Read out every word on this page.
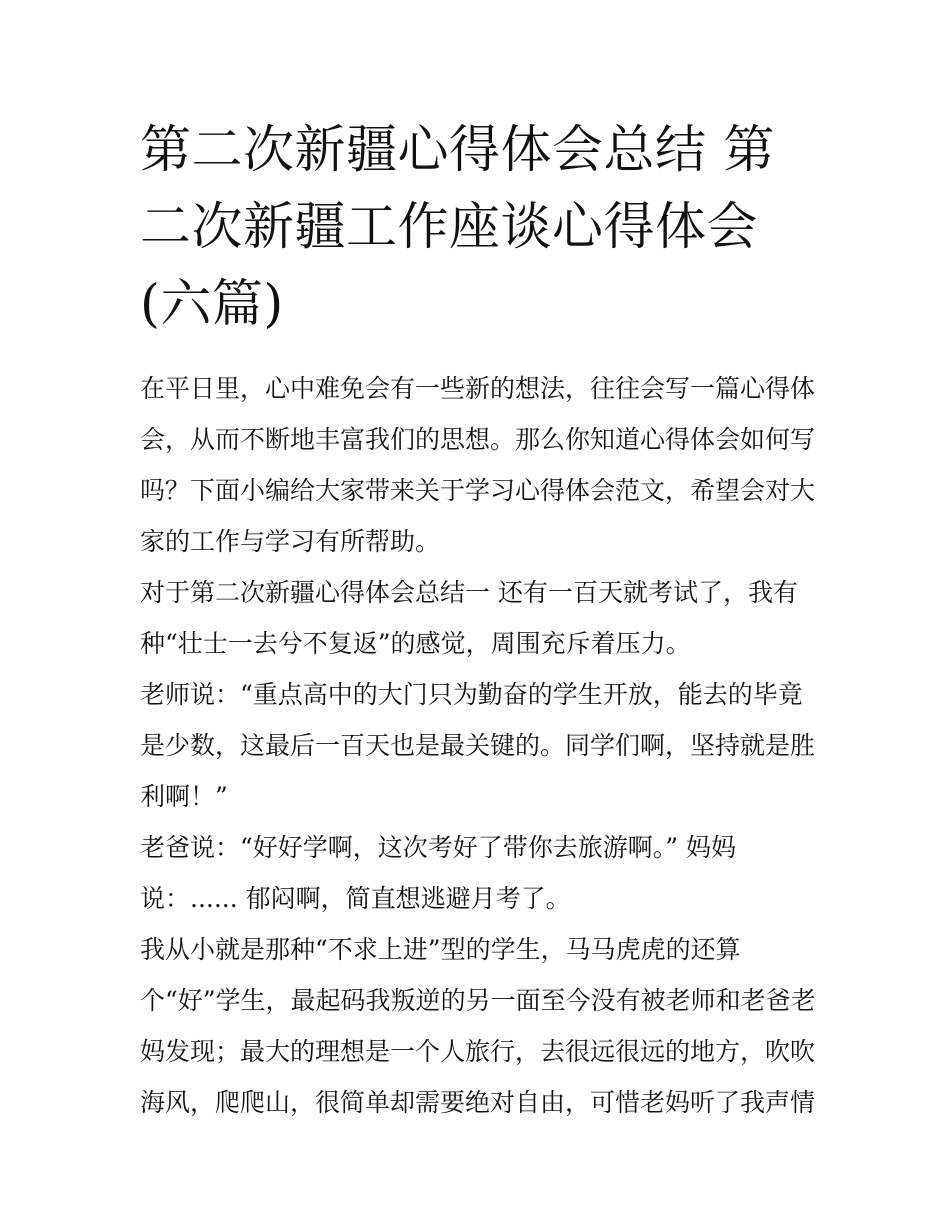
第二次新疆心得体会总结 第二次新疆工作座谈心得体会(六篇)

在平日里，心中难免会有一些新的想法，往往会写一篇心得体会，从而不断地丰富我们的思想。那么你知道心得体会如何写吗？下面小编给大家带来关于学习心得体会范文，希望会对大家的工作与学习有所帮助。

对于第二次新疆心得体会总结一 还有一百天就考试了，我有种“壮士一去兮不复返”的感觉，周围充斥着压力。

老师说：“重点高中的大门只为勤奋的学生开放，能去的毕竟是少数，这最后一百天也是最关键的。同学们啊，坚持就是胜利啊！”

老爸说：“好好学啊，这次考好了带你去旅游啊。” 妈妈说：...... 郁闷啊，简直想逃避月考了。

我从小就是那种“不求上进”型的学生，马马虎虎的还算个“好”学生，最起码我叛逆的另一面至今没有被老师和老爸老妈发现；最大的理想是一个人旅行，去很远很远的地方，吹吹海风，爬爬山，很简单却需要绝对自由，可惜老妈听了我声情
